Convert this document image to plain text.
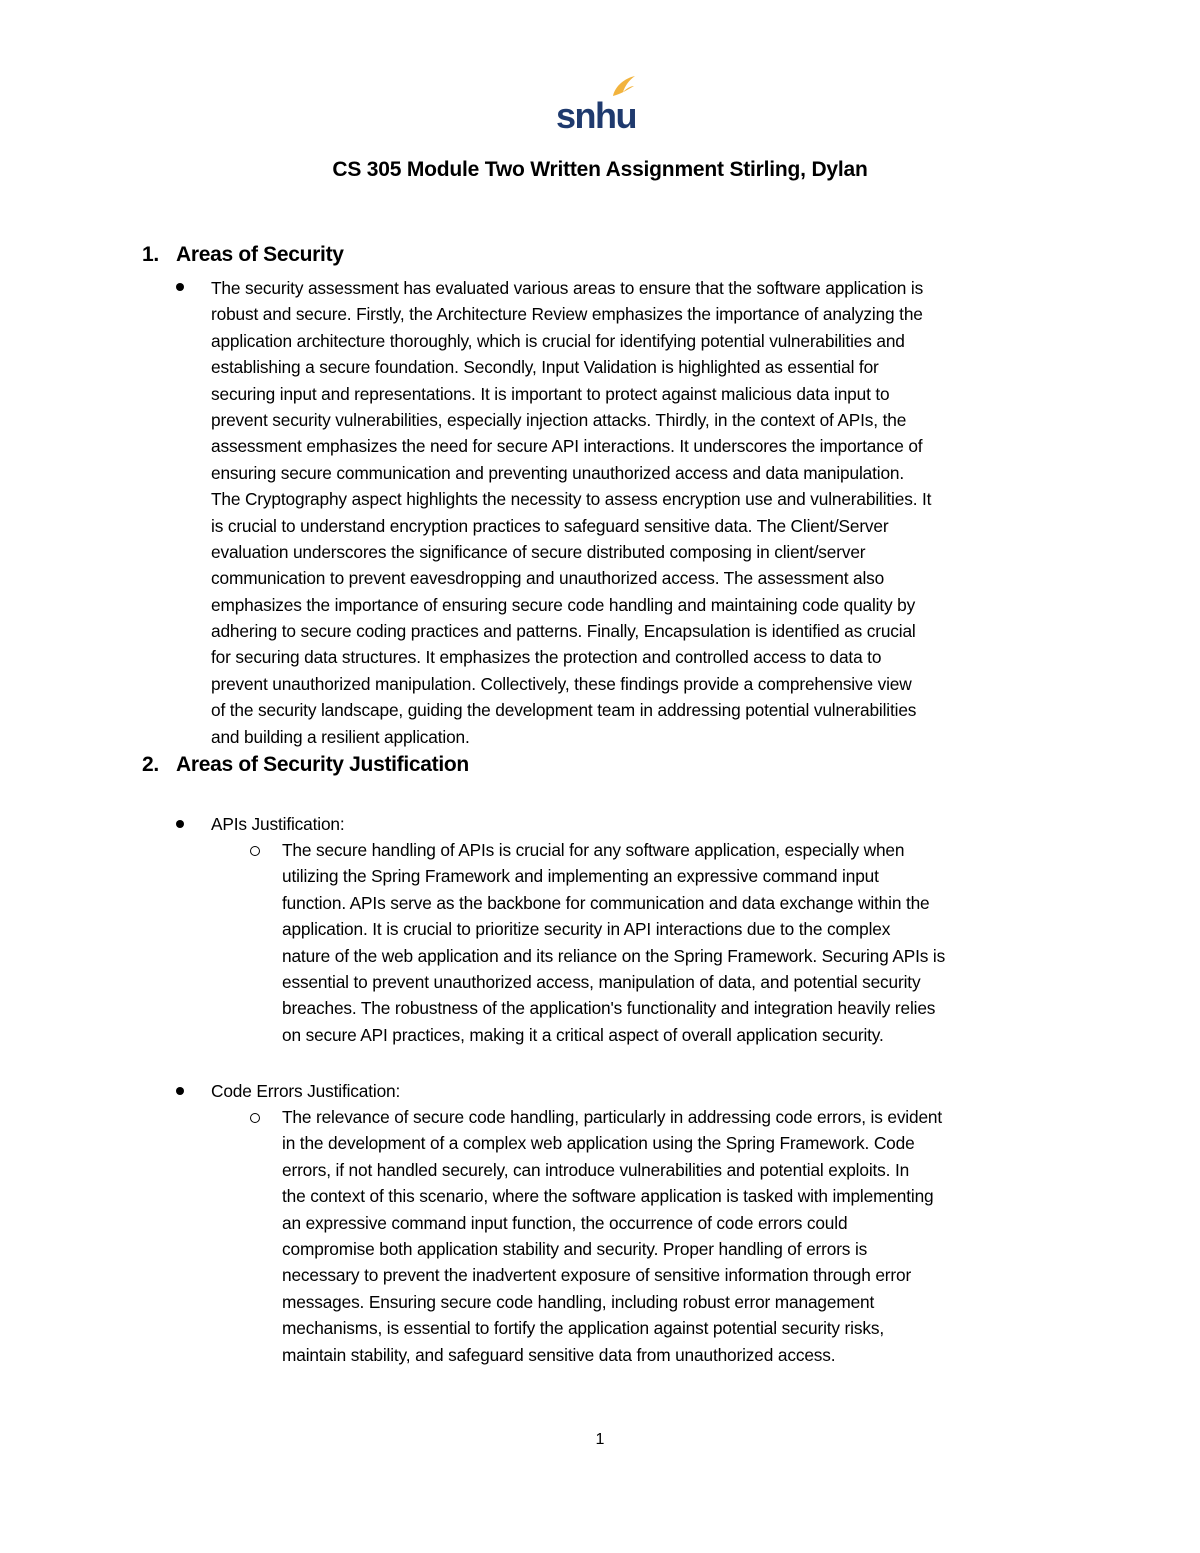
snhu
CS 305 Module Two Written Assignment Stirling, Dylan
1. Areas of Security
The security assessment has evaluated various areas to ensure that the software application is
robust and secure. Firstly, the Architecture Review emphasizes the importance of analyzing the
application architecture thoroughly, which is crucial for identifying potential vulnerabilities and
establishing a secure foundation. Secondly, Input Validation is highlighted as essential for
securing input and representations. It is important to protect against malicious data input to
prevent security vulnerabilities, especially injection attacks. Thirdly, in the context of APIs, the
assessment emphasizes the need for secure API interactions. It underscores the importance of
ensuring secure communication and preventing unauthorized access and data manipulation.
The Cryptography aspect highlights the necessity to assess encryption use and vulnerabilities. It
is crucial to understand encryption practices to safeguard sensitive data. The Client/Server
evaluation underscores the significance of secure distributed composing in client/server
communication to prevent eavesdropping and unauthorized access. The assessment also
emphasizes the importance of ensuring secure code handling and maintaining code quality by
adhering to secure coding practices and patterns. Finally, Encapsulation is identified as crucial
for securing data structures. It emphasizes the protection and controlled access to data to
prevent unauthorized manipulation. Collectively, these findings provide a comprehensive view
of the security landscape, guiding the development team in addressing potential vulnerabilities
and building a resilient application.
2. Areas of Security Justification
APIs Justification:
The secure handling of APIs is crucial for any software application, especially when
utilizing the Spring Framework and implementing an expressive command input
function. APIs serve as the backbone for communication and data exchange within the
application. It is crucial to prioritize security in API interactions due to the complex
nature of the web application and its reliance on the Spring Framework. Securing APIs is
essential to prevent unauthorized access, manipulation of data, and potential security
breaches. The robustness of the application's functionality and integration heavily relies
on secure API practices, making it a critical aspect of overall application security.
Code Errors Justification:
The relevance of secure code handling, particularly in addressing code errors, is evident
in the development of a complex web application using the Spring Framework. Code
errors, if not handled securely, can introduce vulnerabilities and potential exploits. In
the context of this scenario, where the software application is tasked with implementing
an expressive command input function, the occurrence of code errors could
compromise both application stability and security. Proper handling of errors is
necessary to prevent the inadvertent exposure of sensitive information through error
messages. Ensuring secure code handling, including robust error management
mechanisms, is essential to fortify the application against potential security risks,
maintain stability, and safeguard sensitive data from unauthorized access.
1
